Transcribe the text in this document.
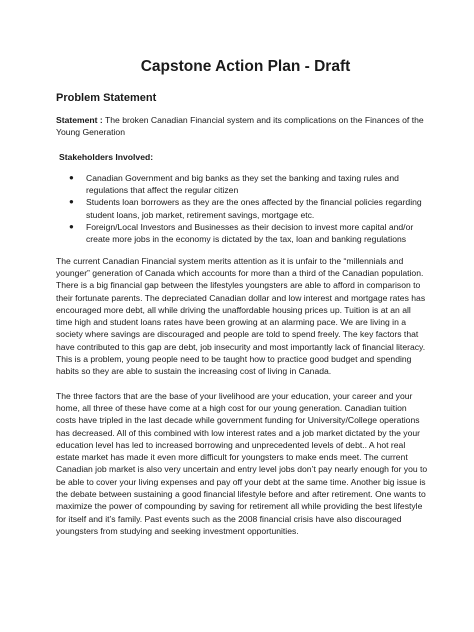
Capstone Action Plan - Draft
Problem Statement
Statement : The broken Canadian Financial system and its complications on the Finances of the Young Generation
Stakeholders Involved:
● Canadian Government and big banks as they set the banking and taxing rules and regulations that affect the regular citizen
● Students loan borrowers as they are the ones affected by the financial policies regarding student loans, job market, retirement savings, mortgage etc.
● Foreign/Local Investors and Businesses as their decision to invest more capital and/or create more jobs in the economy is dictated by the tax, loan and banking regulations
The current Canadian Financial system merits attention as it is unfair to the “millennials and younger” generation of Canada which accounts for more than a third of the Canadian population. There is a big financial gap between the lifestyles youngsters are able to afford in comparison to their fortunate parents. The depreciated Canadian dollar and low interest and mortgage rates has encouraged more debt, all while driving the unaffordable housing prices up. Tuition is at an all time high and student loans rates have been growing at an alarming pace. We are living in a society where savings are discouraged and people are told to spend freely. The key factors that have contributed to this gap are debt, job insecurity and most importantly lack of financial literacy. This is a problem, young people need to be taught how to practice good budget and spending habits so they are able to sustain the increasing cost of living in Canada.
The three factors that are the base of your livelihood are your education, your career and your home, all three of these have come at a high cost for our young generation. Canadian tuition costs have tripled in the last decade while government funding for University/College operations has decreased. All of this combined with low interest rates and a job market dictated by the your education level has led to increased borrowing and unprecedented levels of debt.. A hot real estate market has made it even more difficult for youngsters to make ends meet. The current Canadian job market is also very uncertain and entry level jobs don’t pay nearly enough for you to be able to cover your living expenses and pay off your debt at the same time. Another big issue is the debate between sustaining a good financial lifestyle before and after retirement. One wants to maximize the power of compounding by saving for retirement all while providing the best lifestyle for itself and it’s family. Past events such as the 2008 financial crisis have also discouraged youngsters from studying and seeking investment opportunities.
